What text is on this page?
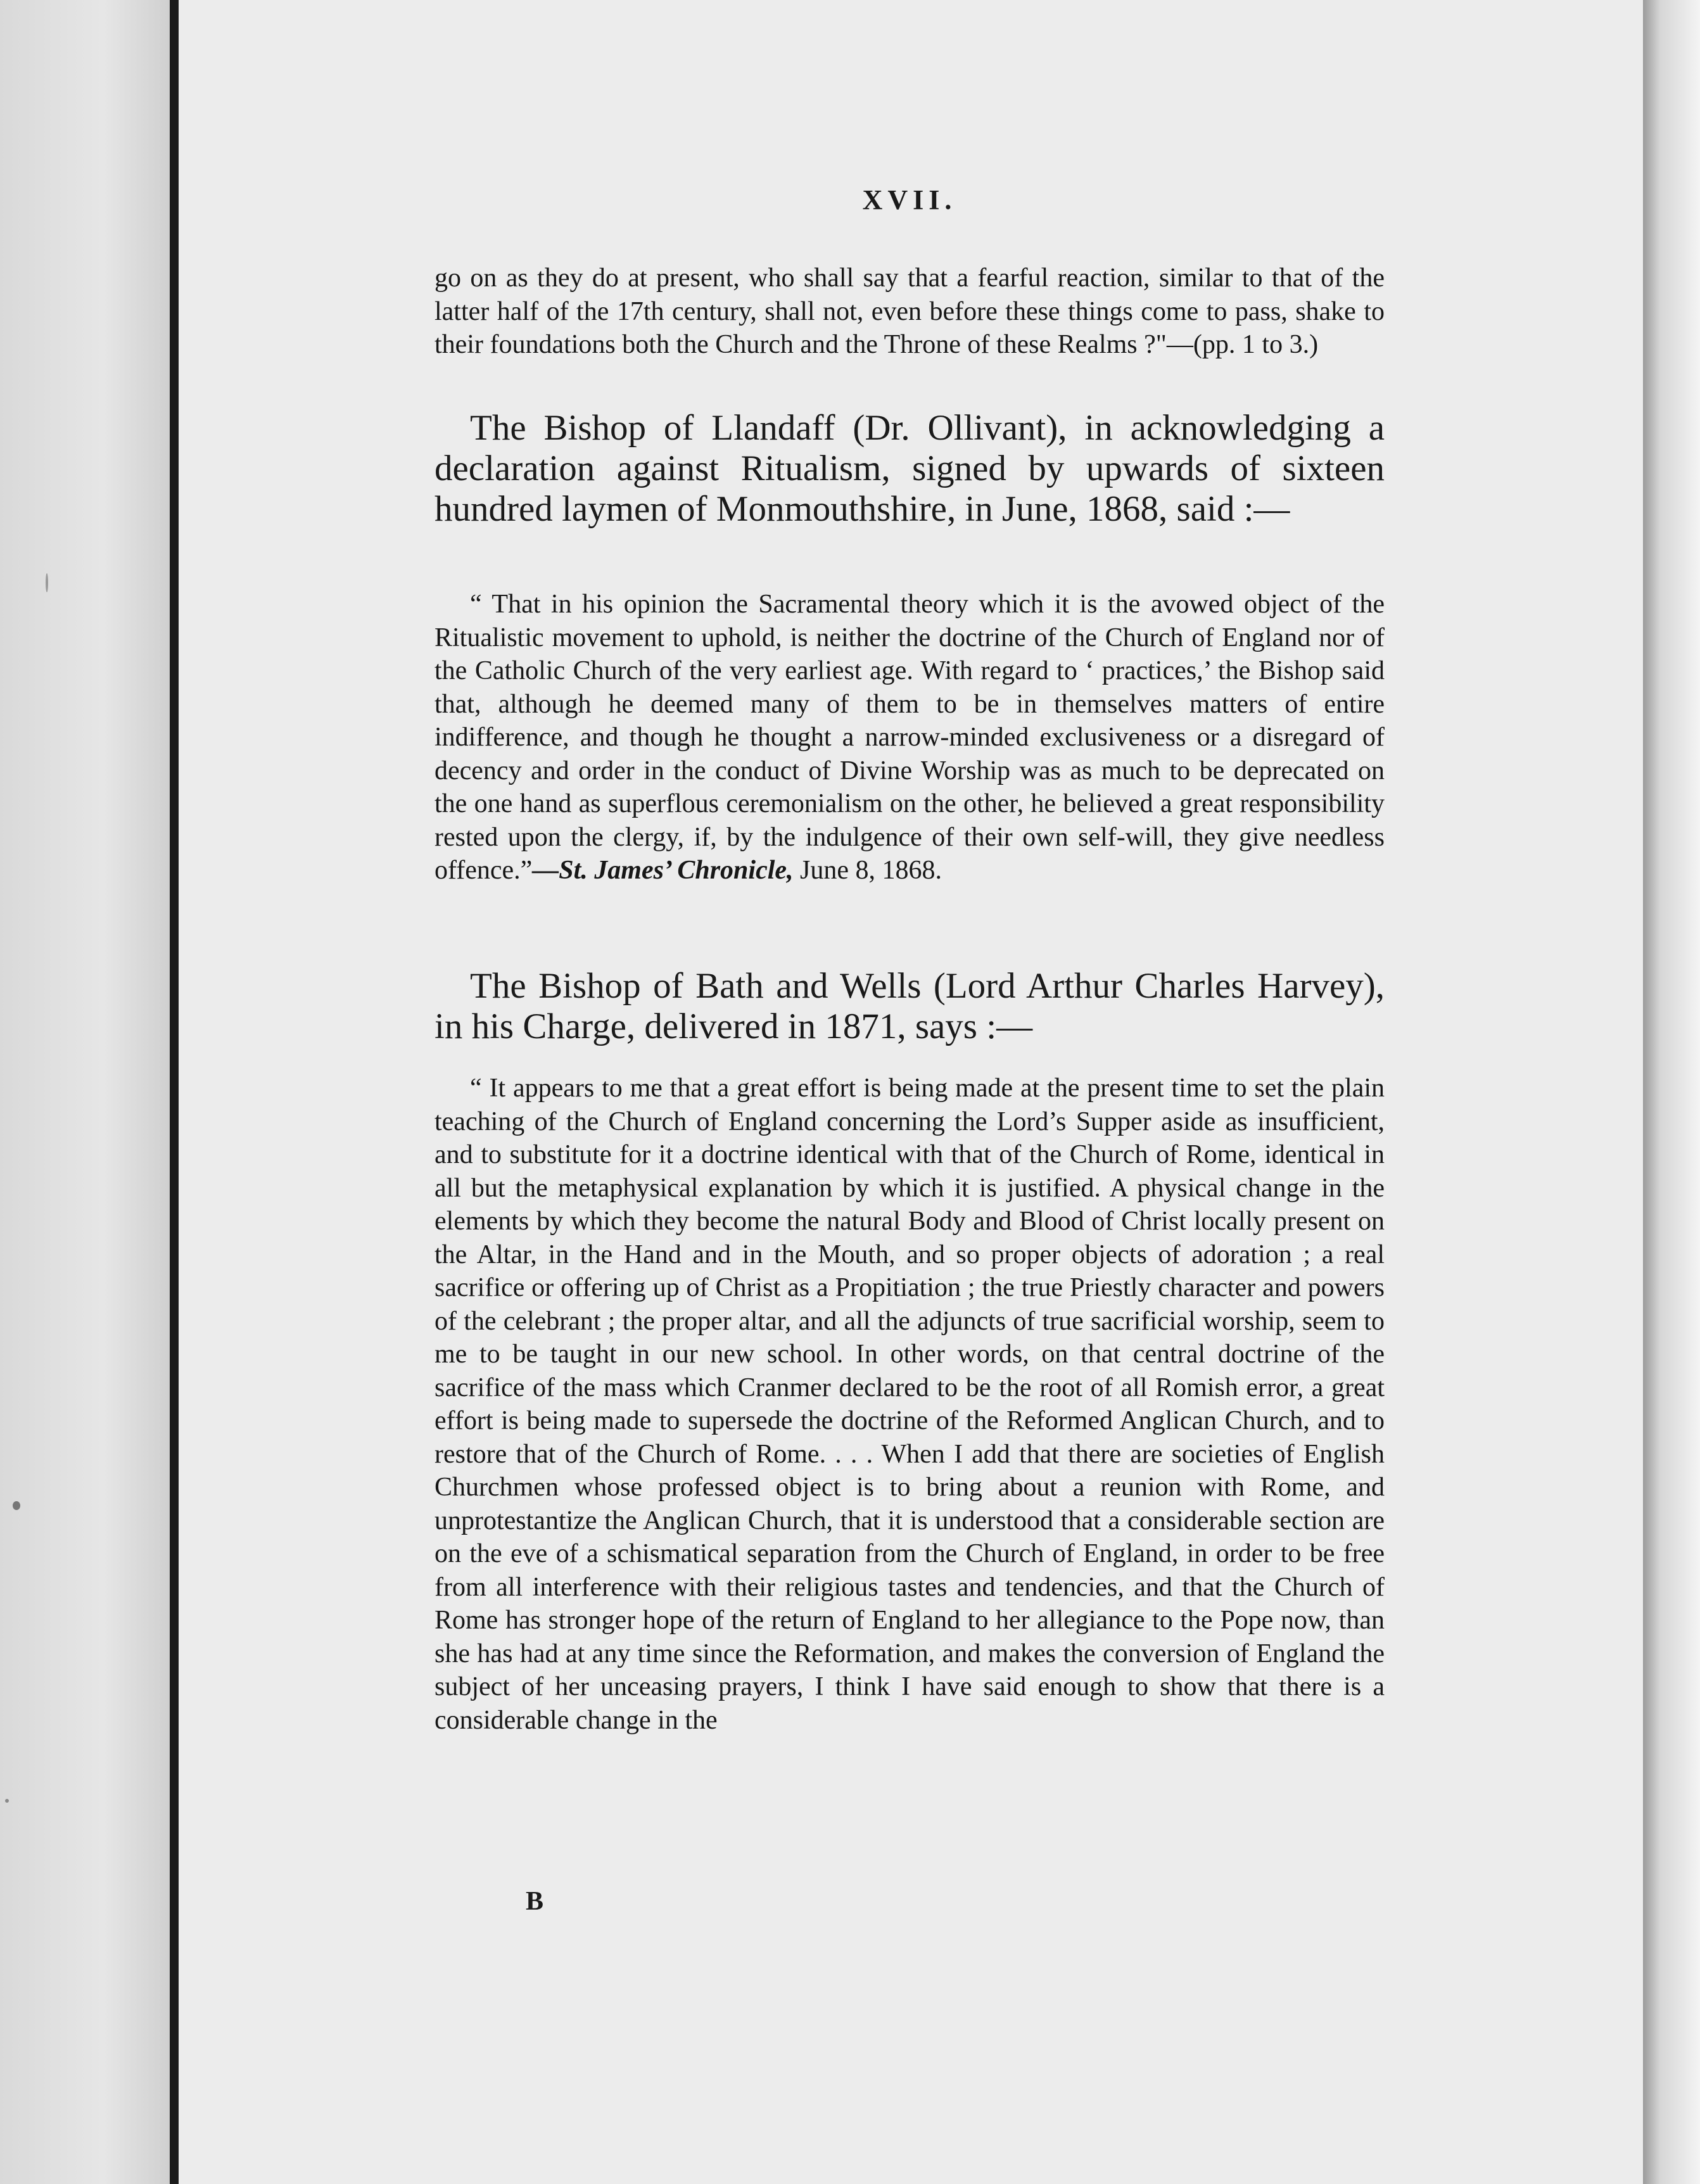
XVII.

go on as they do at present, who shall say that a fearful reaction, similar to that of the latter half of the 17th century, shall not, even before these things come to pass, shake to their foundations both the Church and the Throne of these Realms ?"—(pp. 1 to 3.)

The Bishop of Llandaff (Dr. Ollivant), in acknowledging a declaration against Ritualism, signed by upwards of sixteen hundred laymen of Monmouthshire, in June, 1868, said :—
“ That in his opinion the Sacramental theory which it is the avowed object of the Ritualistic movement to uphold, is neither the doctrine of the Church of England nor of the Catholic Church of the very earliest age. With regard to ‘ practices,’ the Bishop said that, although he deemed many of them to be in themselves matters of entire indifference, and though he thought a narrow-minded exclusiveness or a disregard of decency and order in the conduct of Divine Worship was as much to be deprecated on the one hand as superflous ceremonialism on the other, he believed a great responsibility rested upon the clergy, if, by the indulgence of their own self-will, they give needless offence.”—St. James’ Chronicle, June 8, 1868.
The Bishop of Bath and Wells (Lord Arthur Charles Harvey), in his Charge, delivered in 1871, says :—
“ It appears to me that a great effort is being made at the present time to set the plain teaching of the Church of England concerning the Lord’s Supper aside as insufficient, and to substitute for it a doctrine identical with that of the Church of Rome, identical in all but the metaphysical explanation by which it is justified. A physical change in the elements by which they become the natural Body and Blood of Christ locally present on the Altar, in the Hand and in the Mouth, and so proper objects of adoration ; a real sacrifice or offering up of Christ as a Propitiation ; the true Priestly character and powers of the celebrant ; the proper altar, and all the adjuncts of true sacrificial worship, seem to me to be taught in our new school. In other words, on that central doctrine of the sacrifice of the mass which Cranmer declared to be the root of all Romish error, a great effort is being made to supersede the doctrine of the Reformed Anglican Church, and to restore that of the Church of Rome. . . . When I add that there are societies of English Churchmen whose professed object is to bring about a reunion with Rome, and unprotestantize the Anglican Church, that it is understood that a considerable section are on the eve of a schismatical separation from the Church of England, in order to be free from all interference with their religious tastes and tendencies, and that the Church of Rome has stronger hope of the return of England to her allegiance to the Pope now, than she has had at any time since the Reformation, and makes the conversion of England the subject of her unceasing prayers, I think I have said enough to show that there is a considerable change in the
B
